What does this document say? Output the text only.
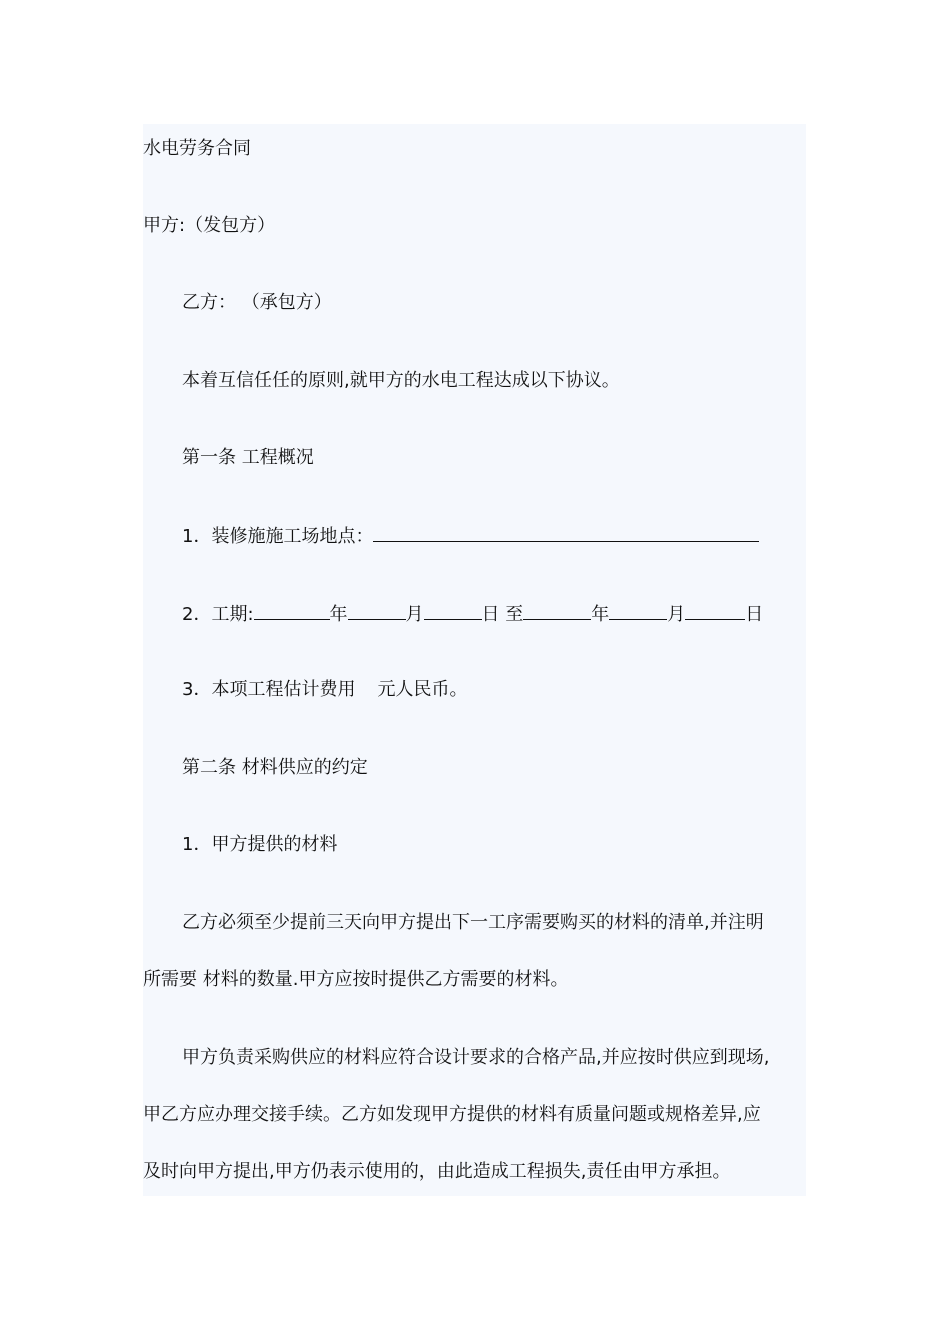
水电劳务合同
甲方:（发包方）
乙方： （承包方）
本着互信任任的原则,就甲方的水电工程达成以下协议。
第一条 工程概况
1．装修施施工场地点：
2．工期:	年	月	日 至	年	月	日
3．本项工程估计费用 元人民币。
第二条 材料供应的约定
1．甲方提供的材料
乙方必须至少提前三天向甲方提出下一工序需要购买的材料的清单,并注明
所需要 材料的数量.甲方应按时提供乙方需要的材料。
甲方负责采购供应的材料应符合设计要求的合格产品,并应按时供应到现场,
甲乙方应办理交接手续。乙方如发现甲方提供的材料有质量问题或规格差异,应
及时向甲方提出,甲方仍表示使用的，由此造成工程损失,责任由甲方承担。
